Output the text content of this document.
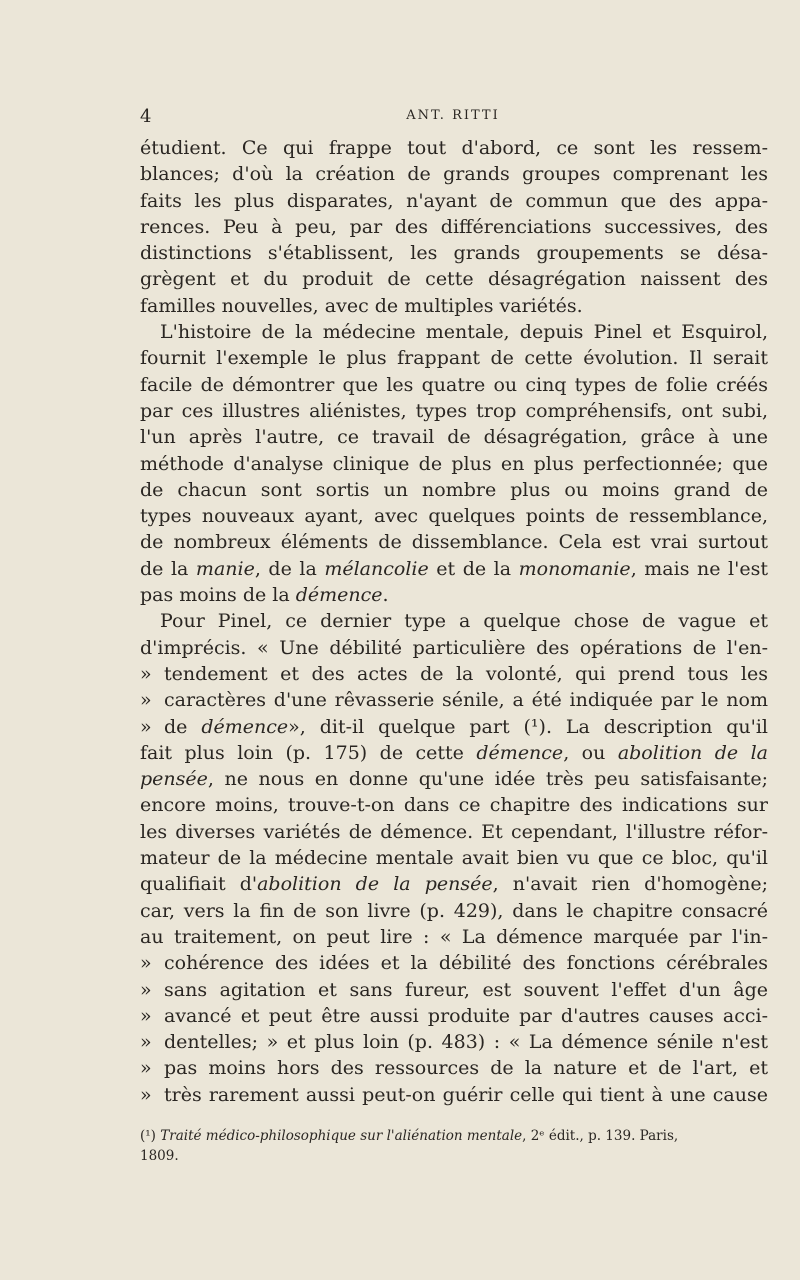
4	ANT. RITTI
étudient. Ce qui frappe tout d'abord, ce sont les ressem-
blances; d'où la création de grands groupes comprenant les
faits les plus disparates, n'ayant de commun que des appa-
rences. Peu à peu, par des différenciations successives, des
distinctions s'établissent, les grands groupements se désa-
grègent et du produit de cette désagrégation naissent des
familles nouvelles, avec de multiples variétés.
L'histoire de la médecine mentale, depuis Pinel et Esquirol,
fournit l'exemple le plus frappant de cette évolution. Il serait
facile de démontrer que les quatre ou cinq types de folie créés
par ces illustres aliénistes, types trop compréhensifs, ont subi,
l'un après l'autre, ce travail de désagrégation, grâce à une
méthode d'analyse clinique de plus en plus perfectionnée; que
de chacun sont sortis un nombre plus ou moins grand de
types nouveaux ayant, avec quelques points de ressemblance,
de nombreux éléments de dissemblance. Cela est vrai surtout
de la manie, de la mélancolie et de la monomanie, mais ne l'est
pas moins de la démence.
Pour Pinel, ce dernier type a quelque chose de vague et
d'imprécis. « Une débilité particulière des opérations de l'en-
» tendement et des actes de la volonté, qui prend tous les
» caractères d'une rêvasserie sénile, a été indiquée par le nom
» de démence», dit-il quelque part (¹). La description qu'il
fait plus loin (p. 175) de cette démence, ou abolition de la
pensée, ne nous en donne qu'une idée très peu satisfaisante;
encore moins, trouve-t-on dans ce chapitre des indications sur
les diverses variétés de démence. Et cependant, l'illustre réfor-
mateur de la médecine mentale avait bien vu que ce bloc, qu'il
qualifiait d'abolition de la pensée, n'avait rien d'homogène;
car, vers la fin de son livre (p. 429), dans le chapitre consacré
au traitement, on peut lire : « La démence marquée par l'in-
» cohérence des idées et la débilité des fonctions cérébrales
» sans agitation et sans fureur, est souvent l'effet d'un âge
» avancé et peut être aussi produite par d'autres causes acci-
» dentelles; » et plus loin (p. 483) : « La démence sénile n'est
» pas moins hors des ressources de la nature et de l'art, et
» très rarement aussi peut-on guérir celle qui tient à une cause
(¹) Traité médico-philosophique sur l'aliénation mentale, 2ᵉ édit., p. 139. Paris,
1809.
